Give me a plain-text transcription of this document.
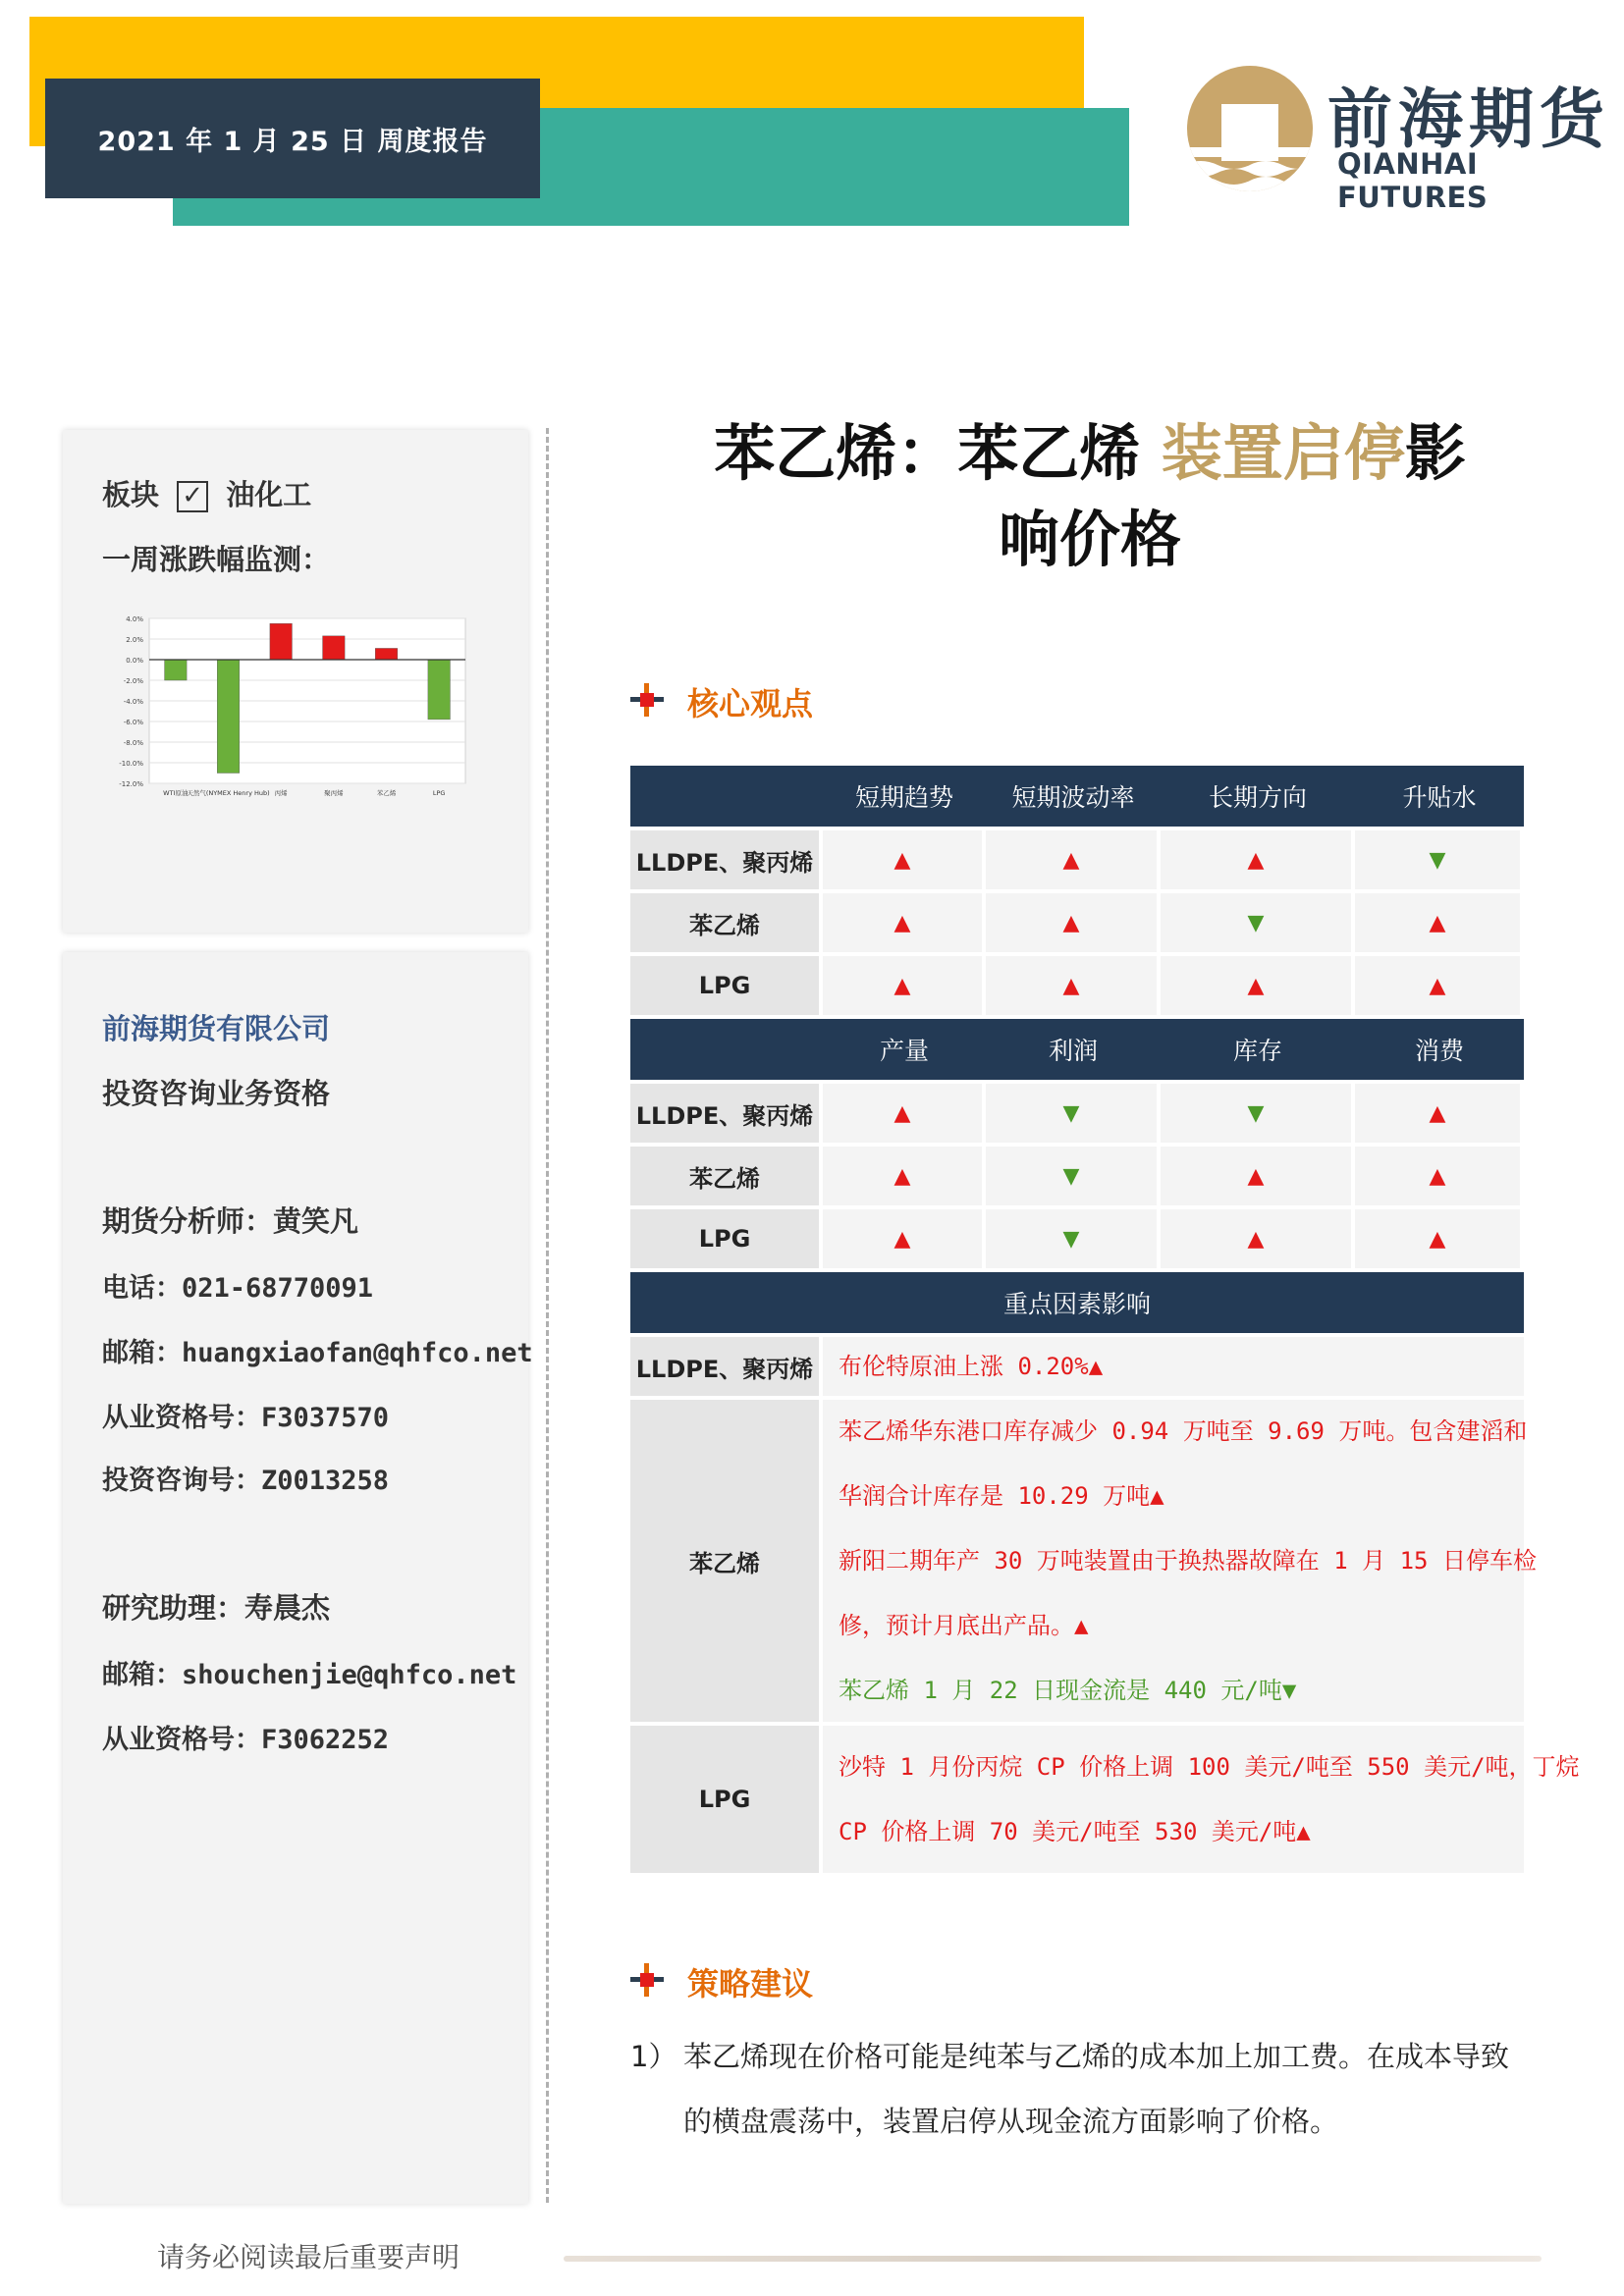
2021 年 1 月 25 日 周度报告	前海期货
QIANHAI FUTURES
板块 ✓ 油化工
一周涨跌幅监测：
4.0%
2.0%
0.0%
-2.0%
-4.0%
-6.0%
-8.0%
-10.0%
-12.0%
WTI原油
天然气(NYMEX Henry Hub) 丙烯	聚丙烯	苯乙烯	LPG
前海期货有限公司
投资咨询业务资格
期货分析师：黄笑凡
电话：021-68770091
邮箱：huangxiaofan@qhfco.net
从业资格号：F3037570
投资咨询号：Z0013258
研究助理：寿晨杰
邮箱：shouchenjie@qhfco.net
从业资格号：F3062252
苯乙烯：苯乙烯 装置启停影
响价格
核心观点
短期趋势	短期波动率	长期方向	升贴水
LLDPE、聚丙烯	▲	▲	▲	▼
苯乙烯	▲	▲	▼	▲
LPG	▲	▲	▲	▲
产量	利润	库存	消费
LLDPE、聚丙烯	▲	▼	▼	▲
苯乙烯	▲	▼	▲	▲
LPG	▲	▼	▲	▲
重点因素影响
LLDPE、聚丙烯 布伦特原油上涨 0.20%▲
苯乙烯
苯乙烯华东港口库存减少 0.94 万吨至 9.69 万吨。包含建滔和
华润合计库存是 10.29 万吨▲
新阳二期年产 30 万吨装置由于换热器故障在 1 月 15 日停车检
修，预计月底出产品。▲
苯乙烯 1 月 22 日现金流是 440 元/吨▼
LPG
沙特 1 月份丙烷 CP 价格上调 100 美元/吨至 550 美元/吨，丁烷
CP 价格上调 70 美元/吨至 530 美元/吨▲
策略建议
1） 苯乙烯现在价格可能是纯苯与乙烯的成本加上加工费。在成本导致
的横盘震荡中，装置启停从现金流方面影响了价格。
请务必阅读最后重要声明
